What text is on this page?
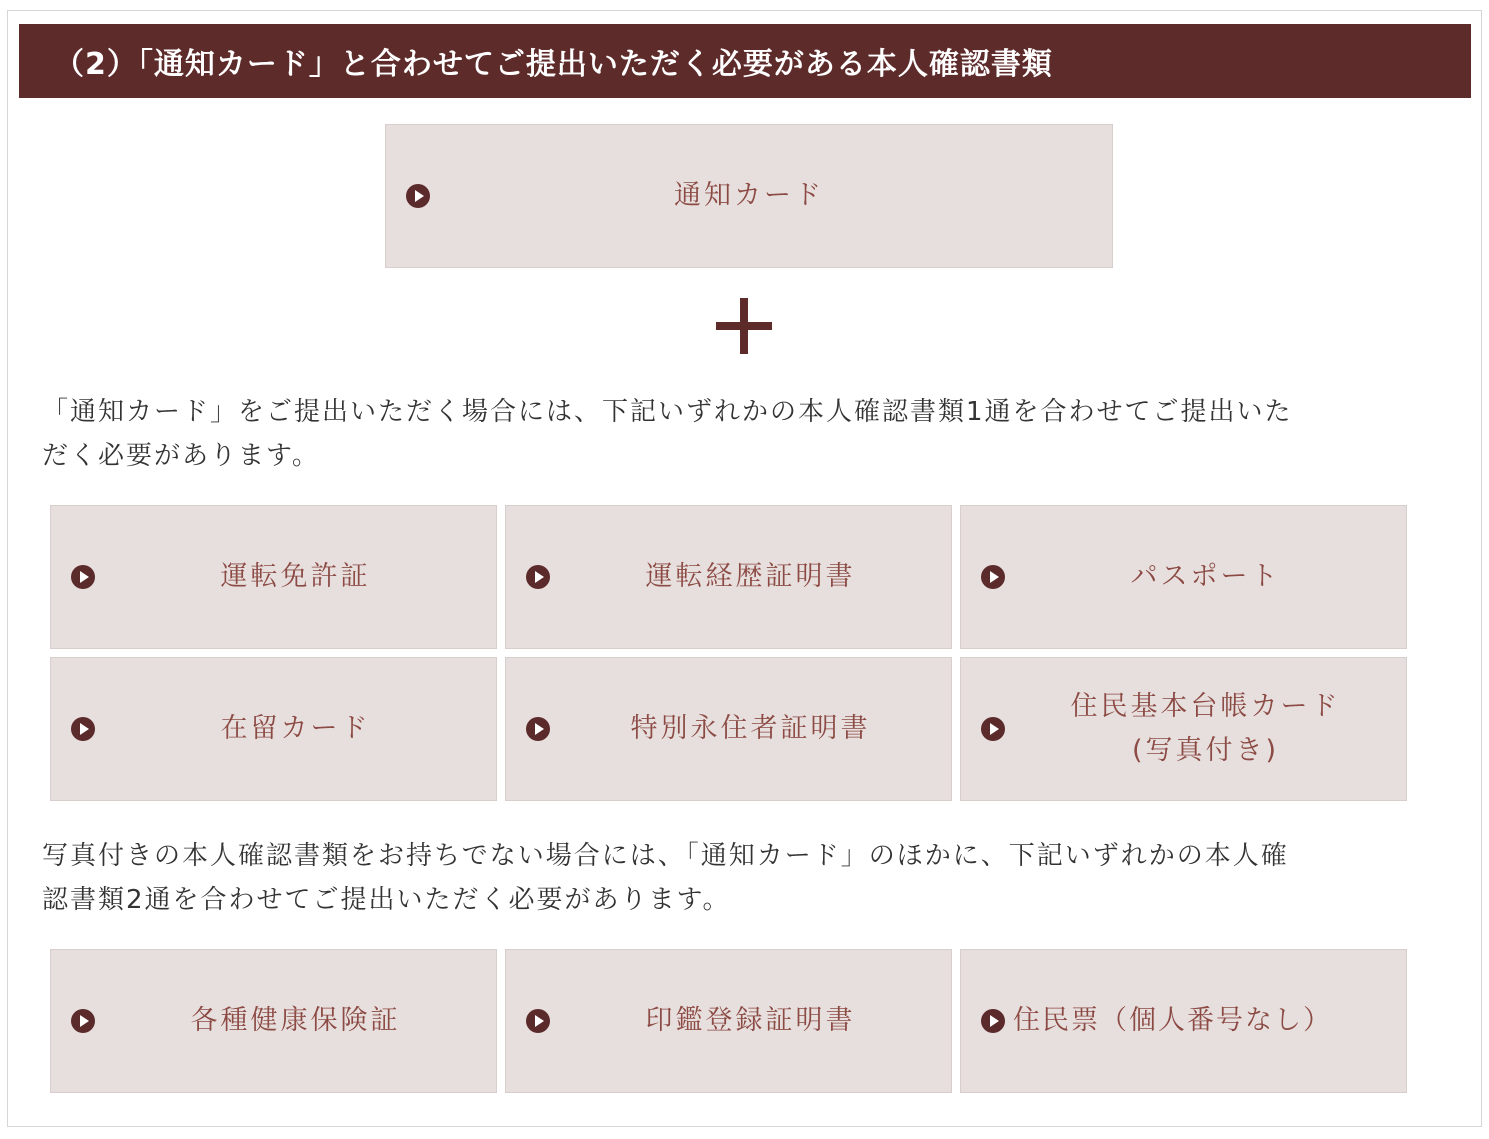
（2）「通知カード」と合わせてご提出いただく必要がある本人確認書類
通知カード
「通知カード」をご提出いただく場合には、下記いずれかの本人確認書類1通を合わせてご提出いた
だく必要があります。
運転免許証	運転経歴証明書	パスポート
在留カード	特別永住者証明書
住民基本台帳カード
(写真付き)
写真付きの本人確認書類をお持ちでない場合には、「通知カード」のほかに、下記いずれかの本人確
認書類2通を合わせてご提出いただく必要があります。
各種健康保険証	印鑑登録証明書	住民票（個人番号なし）
